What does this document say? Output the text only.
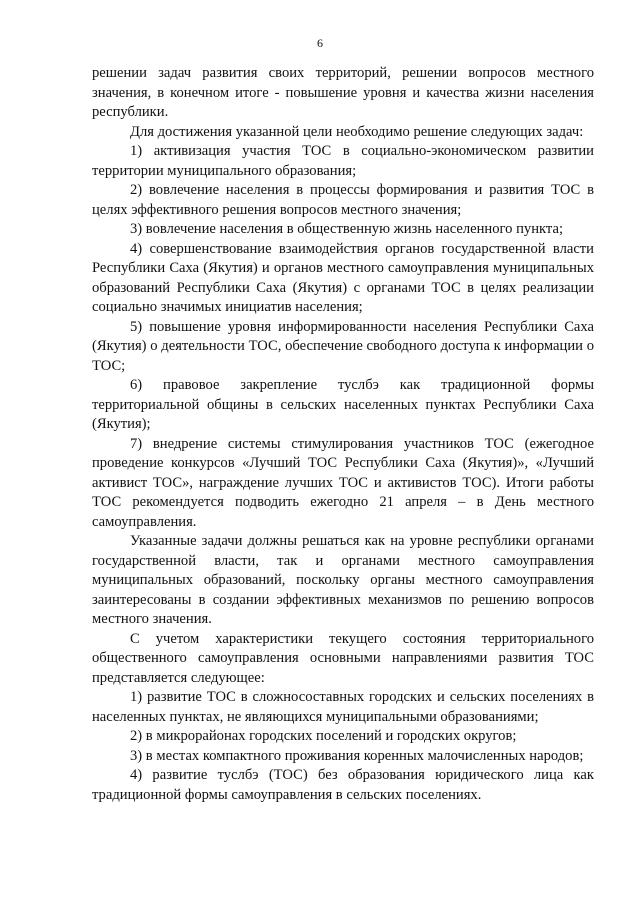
6

решении задач развития своих территорий, решении вопросов местного значения, в конечном итоге - повышение уровня и качества жизни населения республики.

Для достижения указанной цели необходимо решение следующих задач:

1) активизация участия ТОС в социально-экономическом развитии территории муниципального образования;

2) вовлечение населения в процессы формирования и развития ТОС в целях эффективного решения вопросов местного значения;

3) вовлечение населения в общественную жизнь населенного пункта;

4) совершенствование взаимодействия органов государственной власти Республики Саха (Якутия) и органов местного самоуправления муниципальных образований Республики Саха (Якутия) с органами ТОС в целях реализации социально значимых инициатив населения;

5) повышение уровня информированности населения Республики Саха (Якутия) о деятельности ТОС, обеспечение свободного доступа к информации о ТОС;

6) правовое закрепление туслбэ как традиционной формы территориальной общины в сельских населенных пунктах Республики Саха (Якутия);

7) внедрение системы стимулирования участников ТОС (ежегодное проведение конкурсов «Лучший ТОС Республики Саха (Якутия)», «Лучший активист ТОС», награждение лучших ТОС и активистов ТОС). Итоги работы ТОС рекомендуется подводить ежегодно 21 апреля – в День местного самоуправления.

Указанные задачи должны решаться как на уровне республики органами государственной власти, так и органами местного самоуправления муниципальных образований, поскольку органы местного самоуправления заинтересованы в создании эффективных механизмов по решению вопросов местного значения.

С учетом характеристики текущего состояния территориального общественного самоуправления основными направлениями развития ТОС представляется следующее:

1) развитие ТОС в сложносоставных городских и сельских поселениях в населенных пунктах, не являющихся муниципальными образованиями;

2) в микрорайонах городских поселений и городских округов;

3) в местах компактного проживания коренных малочисленных народов;

4) развитие туслбэ (ТОС) без образования юридического лица как традиционной формы самоуправления в сельских поселениях.
